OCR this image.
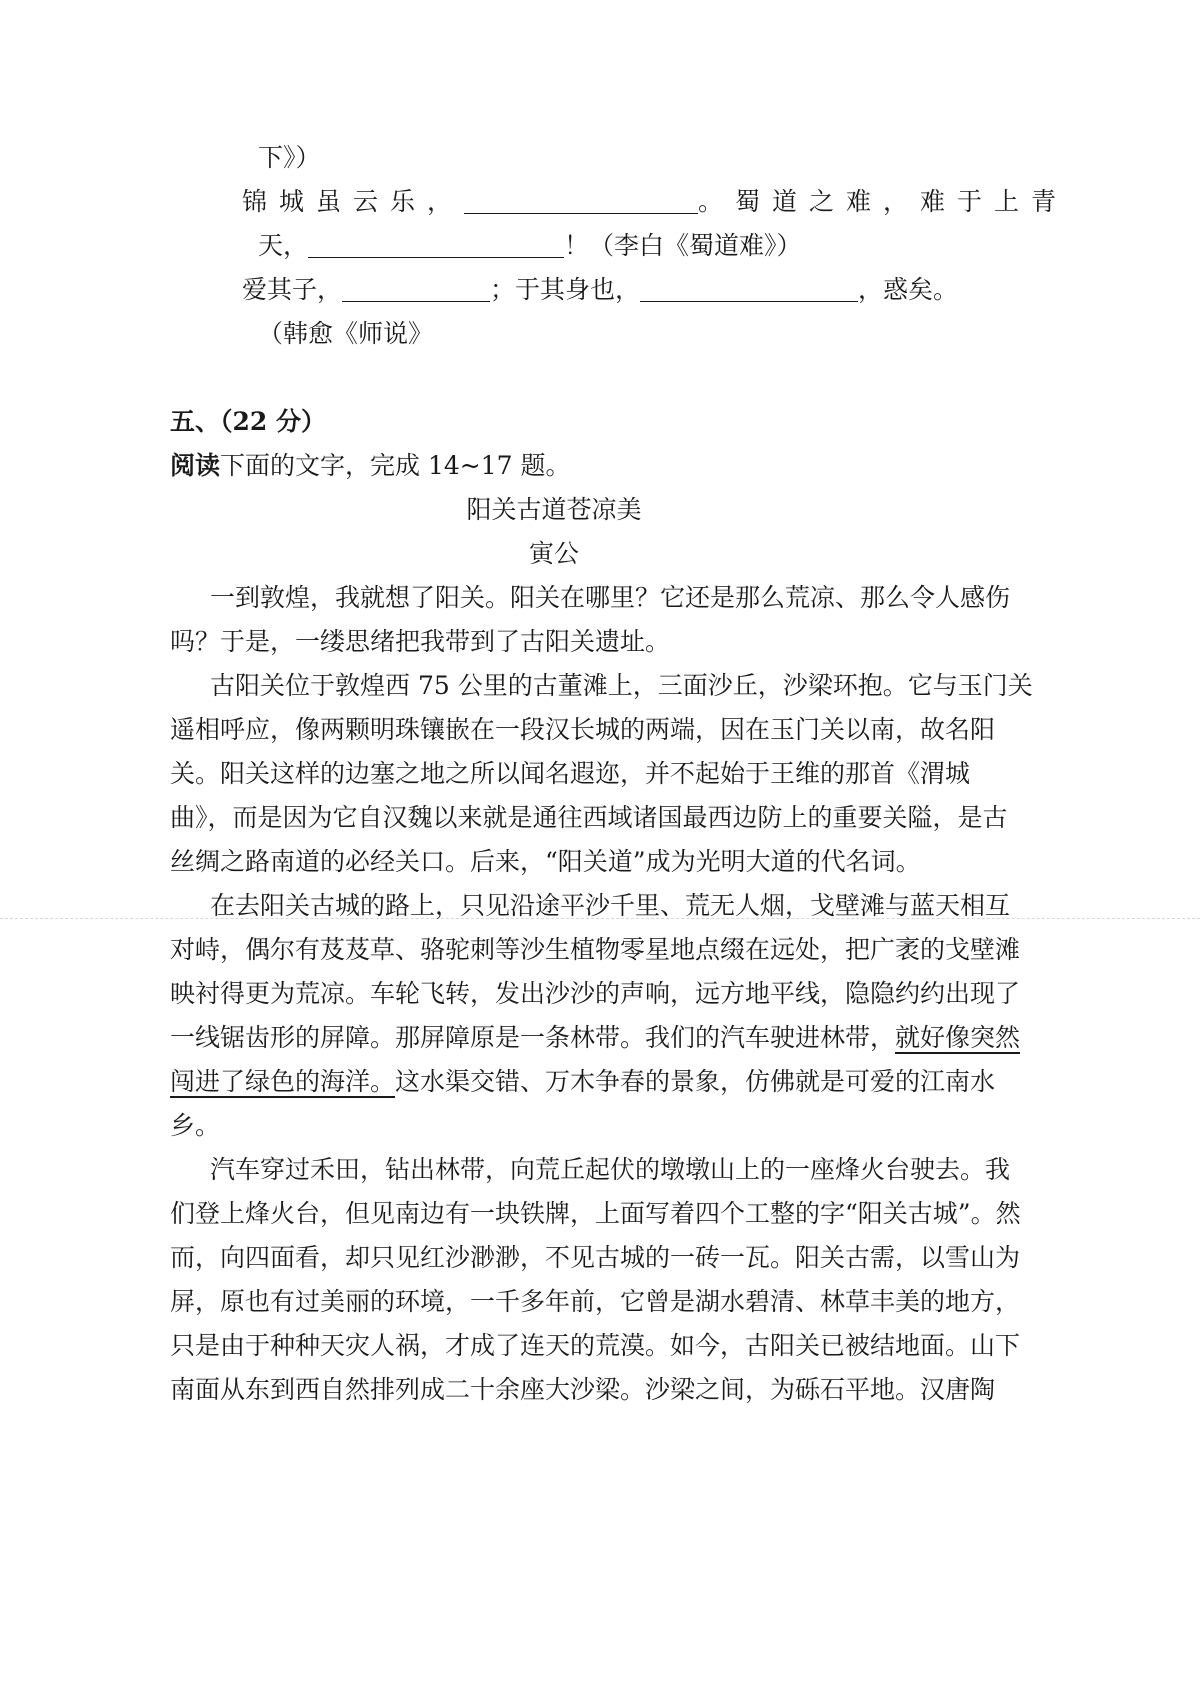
下》）
锦城虽云乐，	。蜀道之难，难于上青
天，	！（李白《蜀道难》）
爱其子，	；于其身也，	，惑矣。
（韩愈《师说》
五、（22 分）
阅读下面的文字，完成 14~17 题。
阳关古道苍凉美
寅公
一到敦煌，我就想了阳关。阳关在哪里？它还是那么荒凉、那么令人感伤
吗？于是，一缕思绪把我带到了古阳关遗址。
古阳关位于敦煌西 75 公里的古董滩上，三面沙丘，沙梁环抱。它与玉门关
遥相呼应，像两颗明珠镶嵌在一段汉长城的两端，因在玉门关以南，故名阳
关。阳关这样的边塞之地之所以闻名遐迩，并不起始于王维的那首《渭城
曲》，而是因为它自汉魏以来就是通往西域诸国最西边防上的重要关隘，是古
丝绸之路南道的必经关口。后来，“阳关道”成为光明大道的代名词。
在去阳关古城的路上，只见沿途平沙千里、荒无人烟，戈壁滩与蓝天相互
对峙，偶尔有芨芨草、骆驼刺等沙生植物零星地点缀在远处，把广袤的戈壁滩
映衬得更为荒凉。车轮飞转，发出沙沙的声响，远方地平线，隐隐约约出现了
一线锯齿形的屏障。那屏障原是一条林带。我们的汽车驶进林带，就好像突然
闯进了绿色的海洋。这水渠交错、万木争春的景象，仿佛就是可爱的江南水
乡。
汽车穿过禾田，钻出林带，向荒丘起伏的墩墩山上的一座烽火台驶去。我
们登上烽火台，但见南边有一块铁牌，上面写着四个工整的字“阳关古城”。然
而，向四面看，却只见红沙渺渺，不见古城的一砖一瓦。阳关古需，以雪山为
屏，原也有过美丽的环境，一千多年前，它曾是湖水碧清、林草丰美的地方，
只是由于种种天灾人祸，才成了连天的荒漠。如今，古阳关已被结地面。山下
南面从东到西自然排列成二十余座大沙梁。沙梁之间，为砾石平地。汉唐陶
